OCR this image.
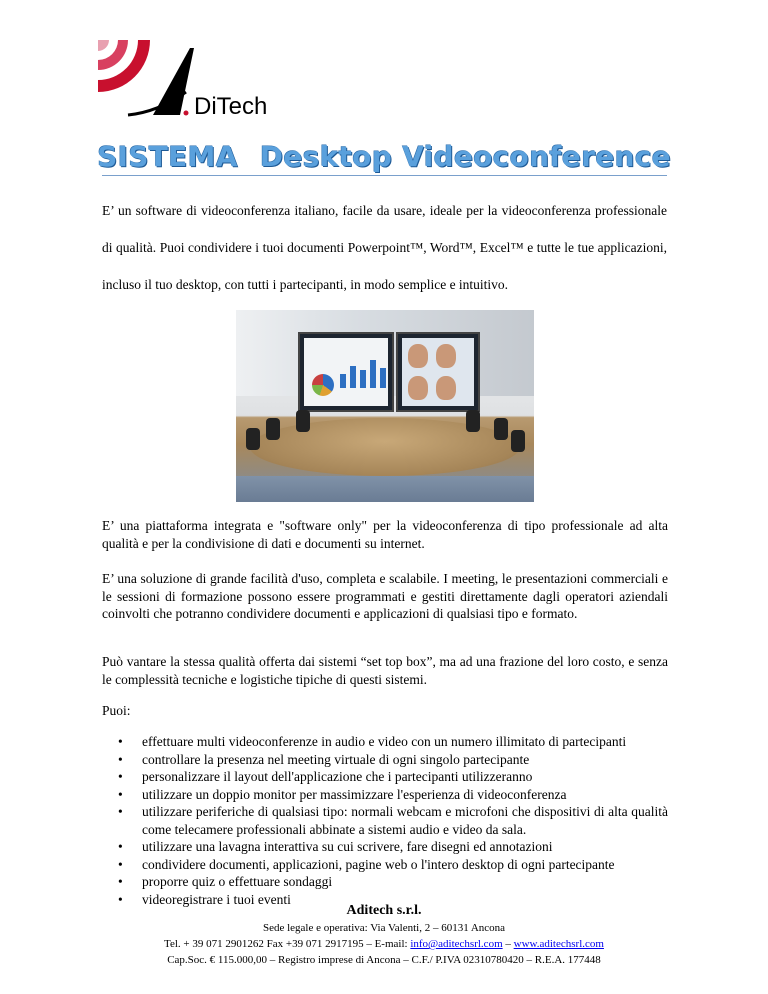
DiTech
SISTEMA Desktop Videoconference

E’ un software di videoconferenza italiano, facile da usare, ideale per la videoconferenza professionale di qualità. Puoi condividere i tuoi documenti Powerpoint™, Word™, Excel™ e tutte le tue applicazioni, incluso il tuo desktop, con tutti i partecipanti, in modo semplice e intuitivo.

E’ una piattaforma integrata e "software only" per la videoconferenza di tipo professionale ad alta qualità e per la condivisione di dati e documenti su internet.

E’ una soluzione di grande facilità d'uso, completa e scalabile. I meeting, le presentazioni commerciali e le sessioni di formazione possono essere programmati e gestiti direttamente dagli operatori aziendali coinvolti che potranno condividere documenti e applicazioni di qualsiasi tipo e formato.

Può vantare la stessa qualità offerta dai sistemi “set top box”, ma ad una frazione del loro costo, e senza le complessità tecniche e logistiche tipiche di questi sistemi.

Puoi:

• effettuare multi videoconferenze in audio e video con un numero illimitato di partecipanti
• controllare la presenza nel meeting virtuale di ogni singolo partecipante
• personalizzare il layout dell'applicazione che i partecipanti utilizzeranno
• utilizzare un doppio monitor per massimizzare l'esperienza di videoconferenza
• utilizzare periferiche di qualsiasi tipo: normali webcam e microfoni che dispositivi di alta qualità come telecamere professionali abbinate a sistemi audio e video da sala.
• utilizzare una lavagna interattiva su cui scrivere, fare disegni ed annotazioni
• condividere documenti, applicazioni, pagine web o l'intero desktop di ogni partecipante
• proporre quiz o effettuare sondaggi
• videoregistrare i tuoi eventi
Aditech s.r.l.
Sede legale e operativa: Via Valenti, 2 – 60131 Ancona
Tel. + 39 071 2901262 Fax +39 071 2917195 – E-mail: info@aditechsrl.com – www.aditechsrl.com
Cap.Soc. € 115.000,00 – Registro imprese di Ancona – C.F./ P.IVA 02310780420 – R.E.A. 177448
